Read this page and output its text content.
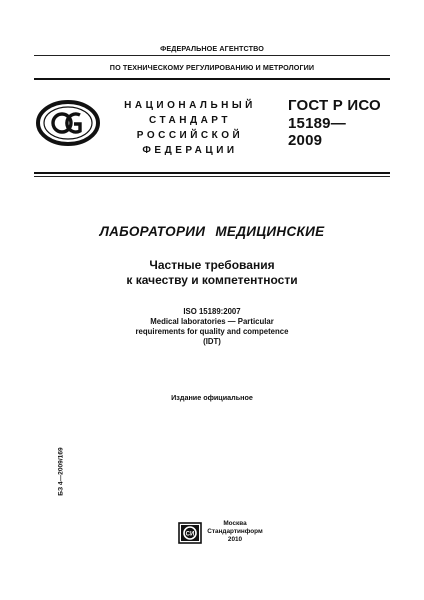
ФЕДЕРАЛЬНОЕ АГЕНТСТВО
ПО ТЕХНИЧЕСКОМУ РЕГУЛИРОВАНИЮ И МЕТРОЛОГИИ
НАЦИОНАЛЬНЫЙ
СТАНДАРТ
РОССИЙСКОЙ
ФЕДЕРАЦИИ
ГОСТ Р ИСО
15189—
2009
ЛАБОРАТОРИИ МЕДИЦИНСКИЕ
Частные требования
к качеству и компетентности
ISO 15189:2007
Medical laboratories — Particular
requirements for quality and competence
(IDT)
Издание официальное
БЗ 4—2009/169
СИ
Москва
Стандартинформ
2010
